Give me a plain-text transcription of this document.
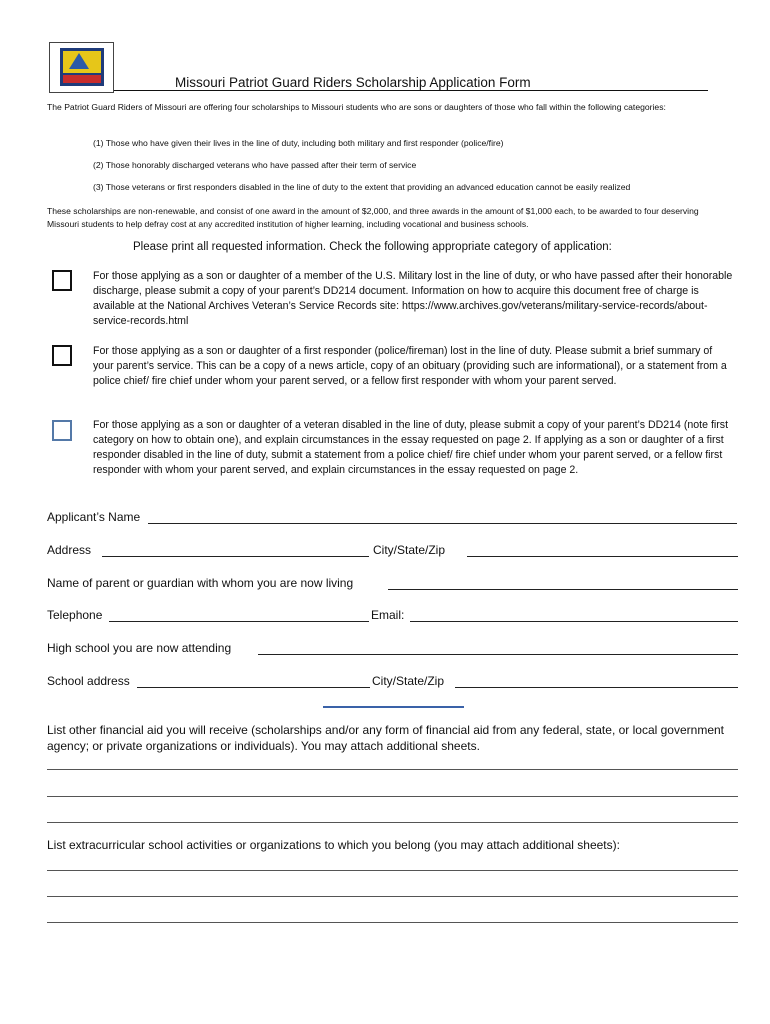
Missouri Patriot Guard Riders Scholarship Application Form

The Patriot Guard Riders of Missouri are offering four scholarships to Missouri students who are sons or daughters of those who fall within the following categories:

(1) Those who have given their lives in the line of duty, including both military and first responder (police/fire)

(2) Those honorably discharged veterans who have passed after their term of service

(3) Those veterans or first responders disabled in the line of duty to the extent that providing an advanced education cannot be easily realized

These scholarships are non-renewable, and consist of one award in the amount of $2,000, and three awards in the amount of $1,000 each, to be awarded to four deserving Missouri students to help defray cost at any accredited institution of higher learning, including vocational and business schools.

Please print all requested information. Check the following appropriate category of application:

For those applying as a son or daughter of a member of the U.S. Military lost in the line of duty, or who have passed after their honorable discharge, please submit a copy of your parent’s DD214 document. Information on how to acquire this document free of charge is available at the National Archives Veteran’s Service Records site: https://www.archives.gov/veterans/military-service-records/about-service-records.html

For those applying as a son or daughter of a first responder (police/fireman) lost in the line of duty. Please submit a brief summary of your parent’s service. This can be a copy of a news article, copy of an obituary (providing such are informational), or a statement from a police chief/ fire chief under whom your parent served, or a fellow first responder with whom your parent served.

For those applying as a son or daughter of a veteran disabled in the line of duty, please submit a copy of your parent’s DD214 (note first category on how to obtain one), and explain circumstances in the essay requested on page 2. If applying as a son or daughter of a first responder disabled in the line of duty, submit a statement from a police chief/ fire chief under whom your parent served, or a fellow first responder with whom your parent served, and explain circumstances in the essay requested on page 2.

Applicant’s Name
Address	City/State/Zip
Name of parent or guardian with whom you are now living
Telephone	Email:
High school you are now attending
School address	City/State/Zip

List other financial aid you will receive (scholarships and/or any form of financial aid from any federal, state, or local government agency; or private organizations or individuals). You may attach additional sheets.

List extracurricular school activities or organizations to which you belong (you may attach additional sheets):
